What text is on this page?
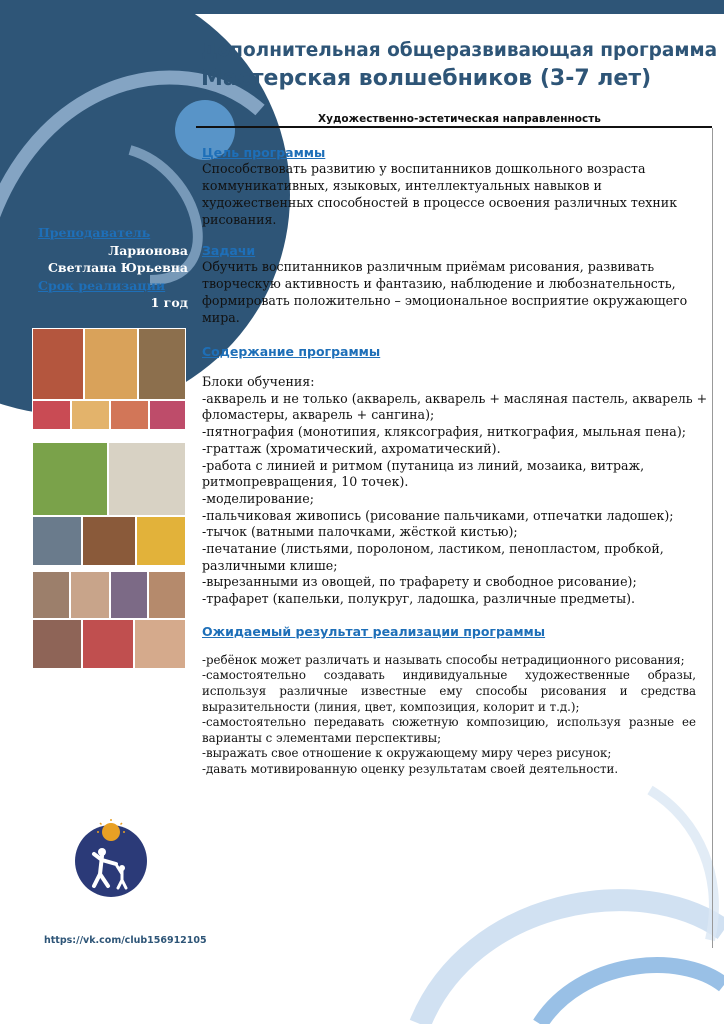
Преподаватель
Ларионова
Светлана Юрьевна
Срок реализации
1 год
https://vk.com/club156912105
Дополнительная общеразвивающая программа
Мастерская волшебников (3-7 лет)
Художественно-эстетическая направленность

Цель программы

Способствовать развитию у воспитанников дошкольного возраста коммуникативных, языковых, интеллектуальных навыков и художественных способностей в процессе освоения различных техник рисования.

Задачи

Обучить воспитанников различным приёмам рисования, развивать творческую активность и фантазию, наблюдение и любознательность, формировать положительно – эмоциональное восприятие окружающего мира.

Содержание программы

Блоки обучения:
-акварель и не только (акварель, акварель + масляная пастель, акварель +
фломастеры, акварель + сангина);
-пятнография (монотипия, кляксография, ниткография, мыльная пена);
-граттаж (хроматический, ахроматический).
-работа с линией и ритмом (путаница из линий, мозаика, витраж,
ритмопревращения, 10 точек).
-моделирование;
-пальчиковая живопись (рисование пальчиками, отпечатки ладошек);
-тычок (ватными палочками, жёсткой кистью);
-печатание (листьями, поролоном, ластиком, пенопластом, пробкой,
различными клише;
-вырезанными из овощей, по трафарету и свободное рисование);
-трафарет (капельки, полукруг, ладошка, различные предметы).

Ожидаемый результат реализации программы

-ребёнок может различать и называть способы нетрадиционного рисования;

-самостоятельно создавать индивидуальные художественные образы, используя различные известные ему способы рисования и средства выразительности (линия, цвет, композиция, колорит и т.д.);

-самостоятельно передавать сюжетную композицию, используя разные ее варианты с элементами перспективы;

-выражать свое отношение к окружающему миру через рисунок;

-давать мотивированную оценку результатам своей деятельности.
